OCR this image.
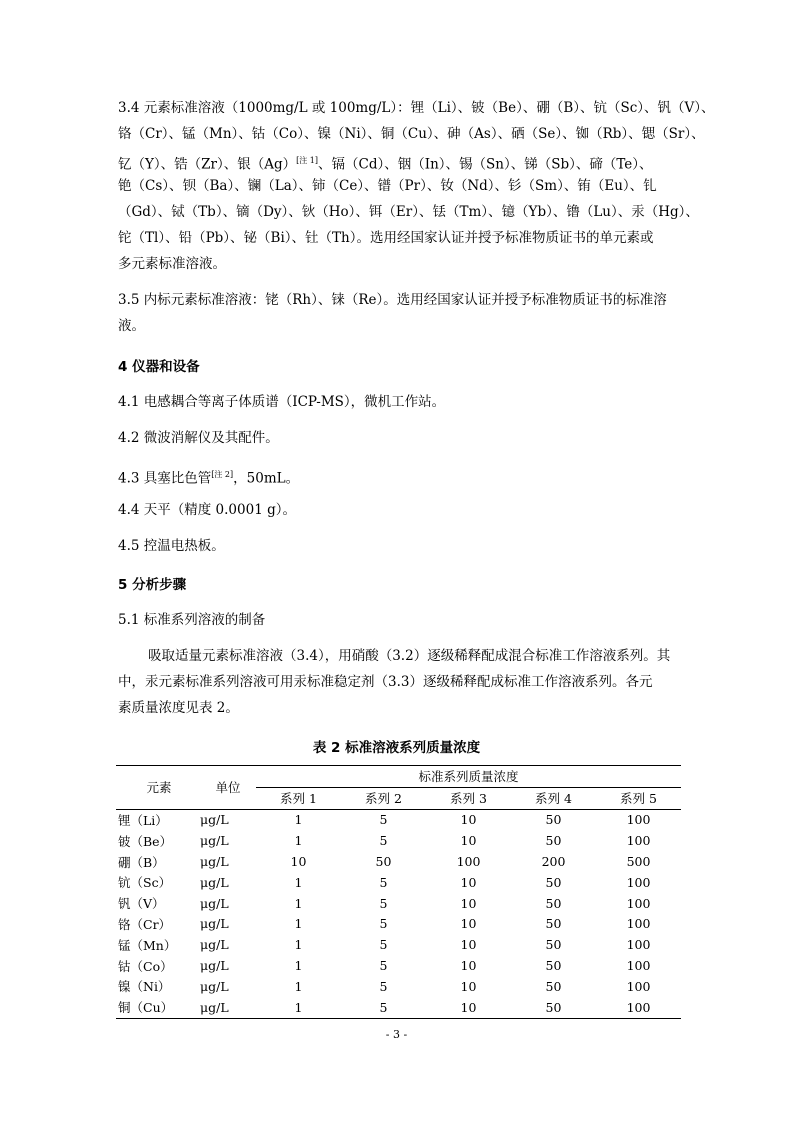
3.4 元素标准溶液（1000mg/L 或 100mg/L）：锂（Li）、铍（Be）、硼（B）、钪（Sc）、钒（V）、
铬（Cr）、锰（Mn）、钴（Co）、镍（Ni）、铜（Cu）、砷（As）、硒（Se）、铷（Rb）、锶（Sr）、
钇（Y）、锆（Zr）、银（Ag）[注 1]、镉（Cd）、铟（In）、锡（Sn）、锑（Sb）、碲（Te）、
铯（Cs）、钡（Ba）、镧（La）、铈（Ce）、镨（Pr）、钕（Nd）、钐（Sm）、铕（Eu）、钆
（Gd）、铽（Tb）、镝（Dy）、钬（Ho）、铒（Er）、铥（Tm）、镱（Yb）、镥（Lu）、汞（Hg）、
铊（Tl）、铅（Pb）、铋（Bi）、钍（Th）。选用经国家认证并授予标准物质证书的单元素或
多元素标准溶液。
3.5 内标元素标准溶液：铑（Rh）、铼（Re）。选用经国家认证并授予标准物质证书的标准溶
液。
4 仪器和设备
4.1 电感耦合等离子体质谱（ICP-MS），微机工作站。
4.2 微波消解仪及其配件。
4.3 具塞比色管[注 2]，50mL。
4.4 天平（精度 0.0001 g）。
4.5 控温电热板。
5 分析步骤
5.1 标准系列溶液的制备
吸取适量元素标准溶液（3.4），用硝酸（3.2）逐级稀释配成混合标准工作溶液系列。其
中，汞元素标准系列溶液可用汞标准稳定剂（3.3）逐级稀释配成标准工作溶液系列。各元
素质量浓度见表 2。
表 2 标准溶液系列质量浓度
元素	单位	标准系列质量浓度				
		系列 1	系列 2	系列 3	系列 4	系列 5
锂（Li）	μg/L	1	5	10	50	100
铍（Be）	μg/L	1	5	10	50	100
硼（B）	μg/L	10	50	100	200	500
钪（Sc）	μg/L	1	5	10	50	100
钒（V）	μg/L	1	5	10	50	100
铬（Cr）	μg/L	1	5	10	50	100
锰（Mn）	μg/L	1	5	10	50	100
钴（Co）	μg/L	1	5	10	50	100
镍（Ni）	μg/L	1	5	10	50	100
铜（Cu）	μg/L	1	5	10	50	100
- 3 -
